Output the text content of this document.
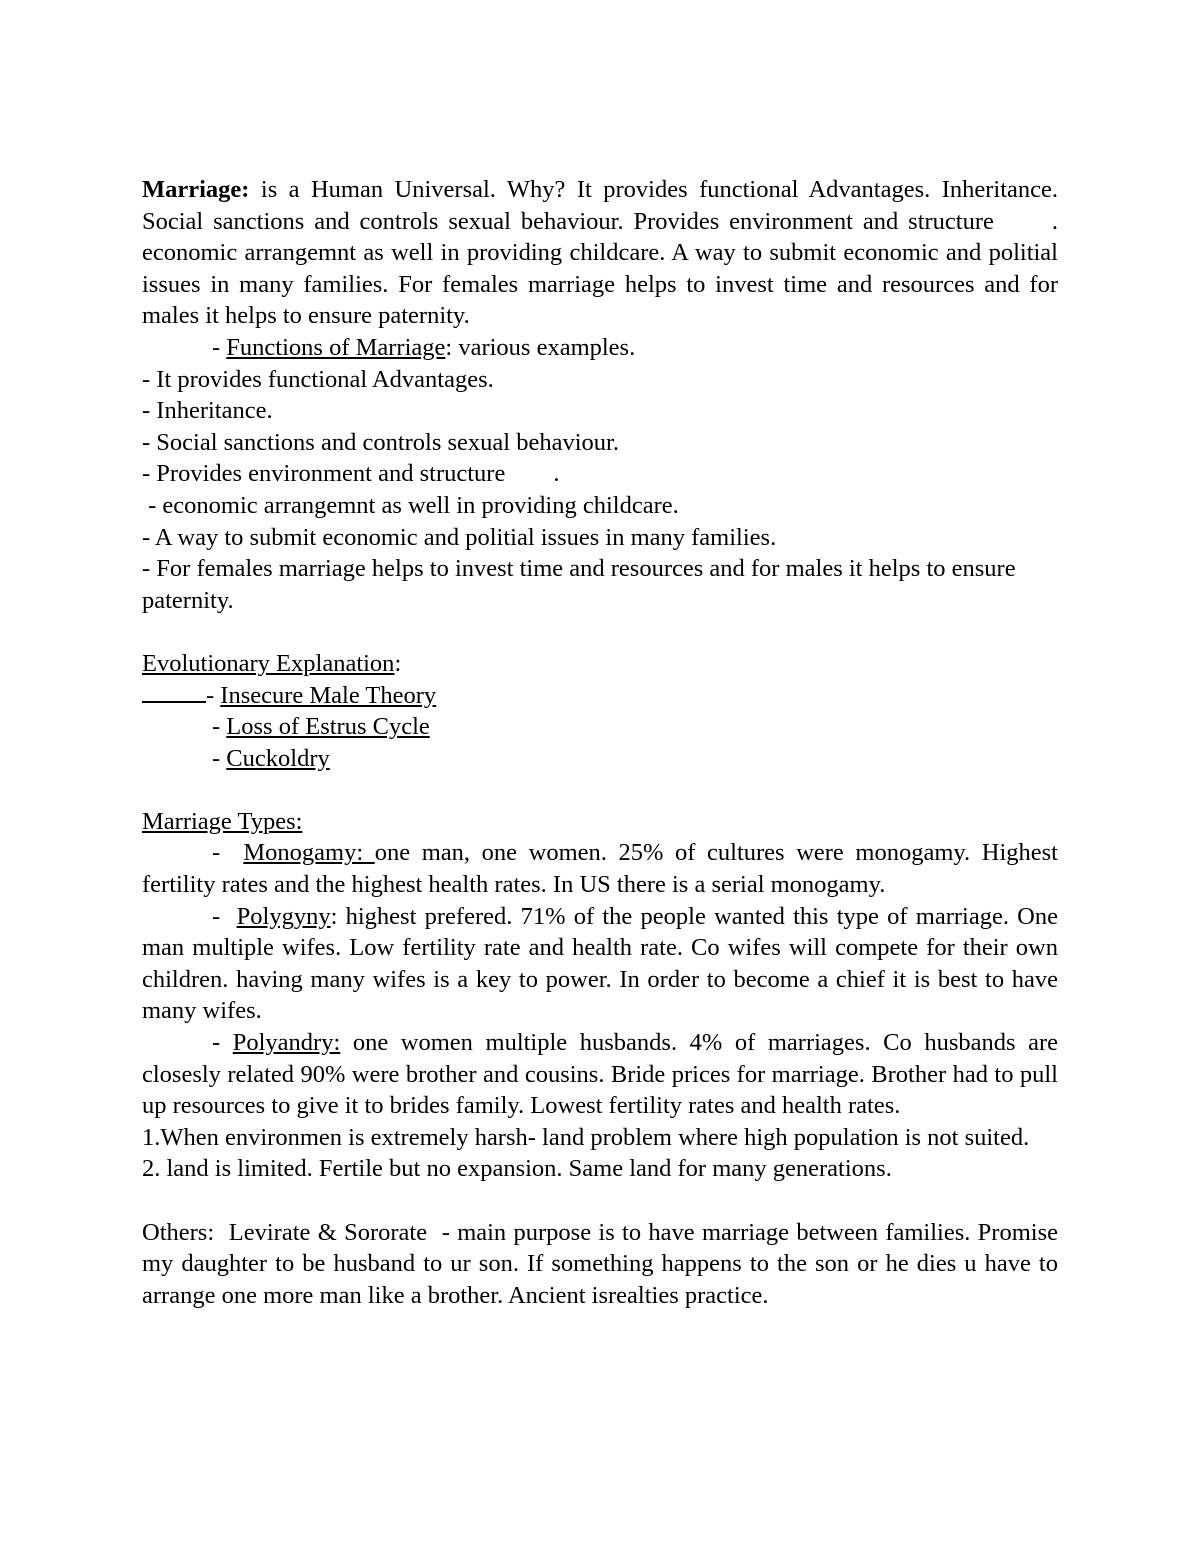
Marriage: is a Human Universal. Why? It provides functional Advantages. Inheritance. Social sanctions and controls sexual behaviour. Provides environment and structure . economic arrangemnt as well in providing childcare. A way to submit economic and politial issues in many families. For females marriage helps to invest time and resources and for males it helps to ensure paternity.

- Functions of Marriage: various examples.

- It provides functional Advantages.

- Inheritance.

- Social sanctions and controls sexual behaviour.

- Provides environment and structure .

- economic arrangemnt as well in providing childcare.

- A way to submit economic and politial issues in many families.

- For females marriage helps to invest time and resources and for males it helps to ensure paternity.

Evolutionary Explanation:

- Insecure Male Theory

- Loss of Estrus Cycle

- Cuckoldry

Marriage Types:

-  Monogamy: one man, one women. 25% of cultures were monogamy. Highest fertility rates and the highest health rates. In US there is a serial monogamy.

-  Polygyny: highest prefered. 71% of the people wanted this type of marriage. One man multiple wifes. Low fertility rate and health rate. Co wifes will compete for their own children. having many wifes is a key to power. In order to become a chief it is best to have many wifes.

- Polyandry: one women multiple husbands. 4% of marriages. Co husbands are closesly related 90% were brother and cousins. Bride prices for marriage. Brother had to pull up resources to give it to brides family. Lowest fertility rates and health rates.

1.When environmen is extremely harsh- land problem where high population is not suited.

2. land is limited. Fertile but no expansion. Same land for many generations.

Others:  Levirate & Sororate  - main purpose is to have marriage between families. Promise my daughter to be husband to ur son. If something happens to the son or he dies u have to arrange one more man like a brother. Ancient isrealties practice.
